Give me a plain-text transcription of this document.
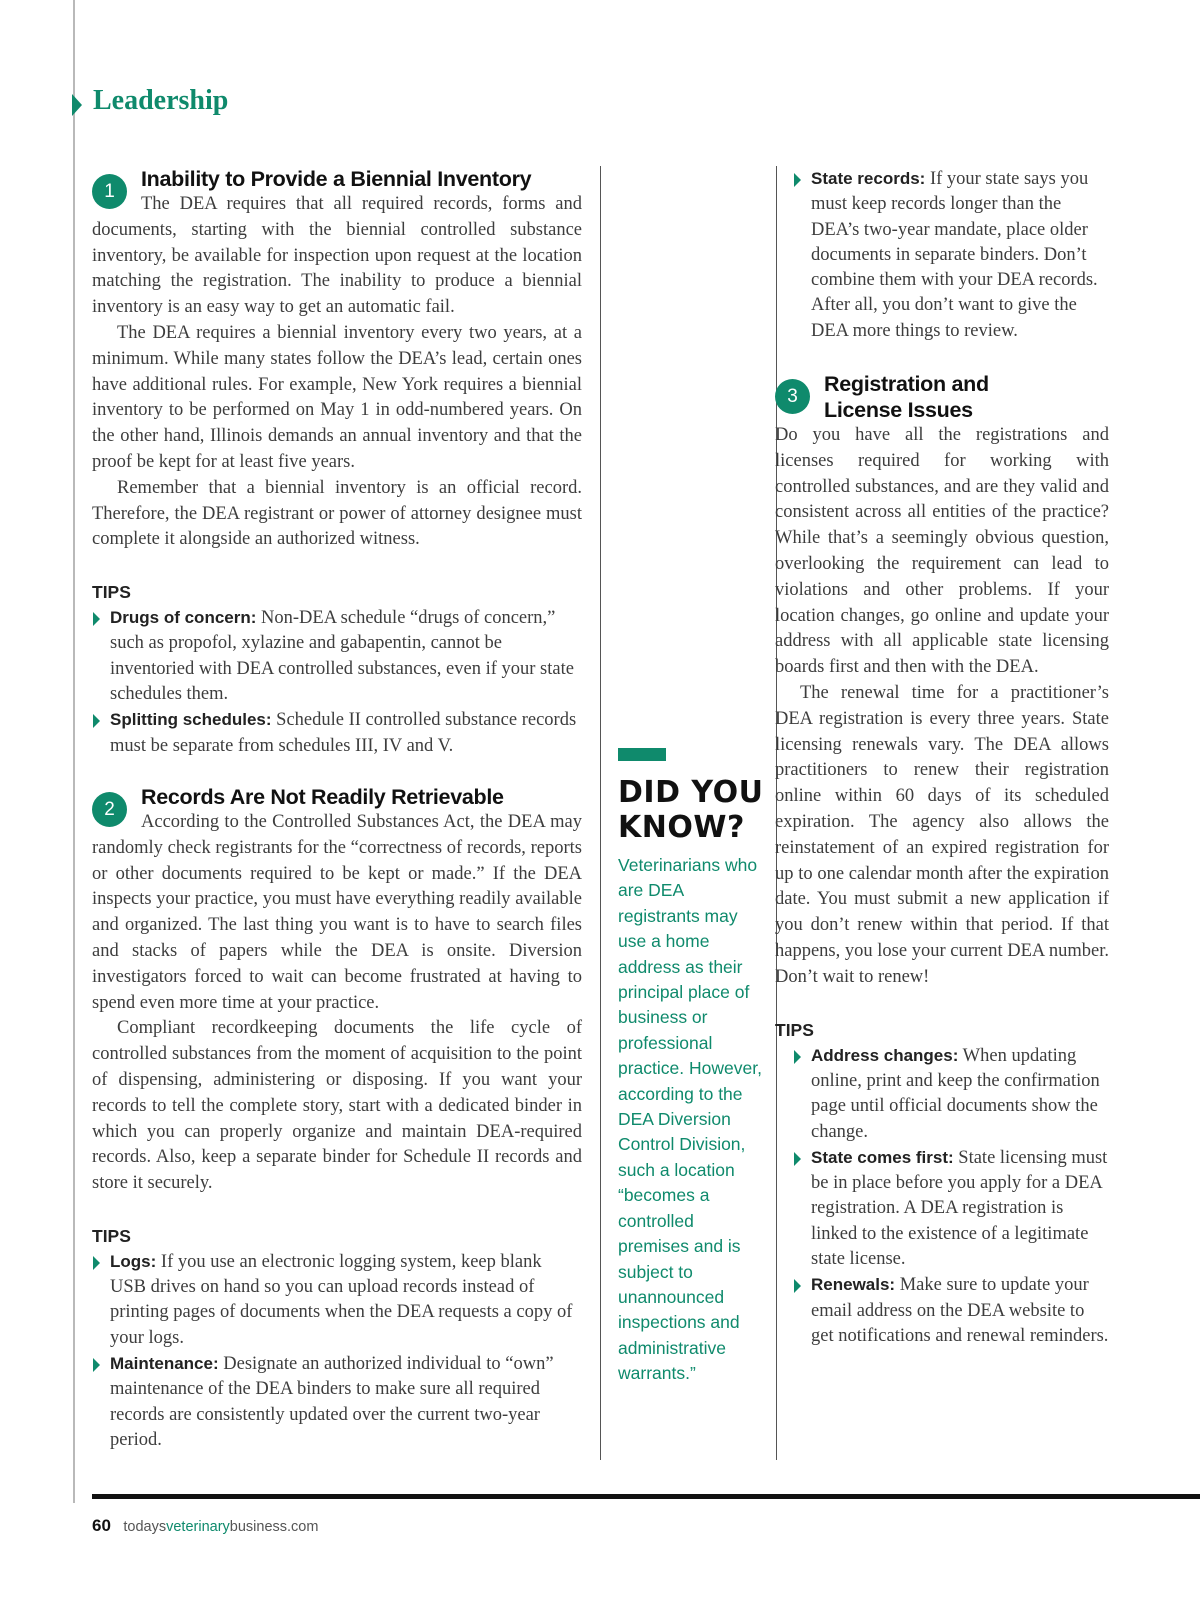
Leadership
1
Inability to Provide a Biennial Inventory

The DEA requires that all required records, forms and documents, starting with the biennial controlled substance inventory, be available for inspection upon request at the location matching the registration. The inability to produce a biennial inventory is an easy way to get an automatic fail.

The DEA requires a biennial inventory every two years, at a minimum. While many states follow the DEA’s lead, certain ones have additional rules. For example, New York requires a biennial inventory to be performed on May 1 in odd-numbered years. On the other hand, Illinois demands an annual inventory and that the proof be kept for at least five years.

Remember that a biennial inventory is an official record. Therefore, the DEA registrant or power of attorney designee must complete it alongside an authorized witness.

TIPS
Drugs of concern: Non-DEA schedule “drugs of concern,” such as propofol, xylazine and gabapentin, cannot be inventoried with DEA controlled substances, even if your state schedules them.
Splitting schedules: Schedule II controlled substance records must be separate from schedules III, IV and V.
2
Records Are Not Readily Retrievable

According to the Controlled Substances Act, the DEA may randomly check registrants for the “correctness of records, reports or other documents required to be kept or made.” If the DEA inspects your practice, you must have everything readily available and organized. The last thing you want is to have to search files and stacks of papers while the DEA is onsite. Diversion investigators forced to wait can become frustrated at having to spend even more time at your practice.

Compliant recordkeeping documents the life cycle of controlled substances from the moment of acquisition to the point of dispensing, administering or disposing. If you want your records to tell the complete story, start with a dedicated binder in which you can properly organize and maintain DEA-required records. Also, keep a separate binder for Schedule II records and store it securely.

TIPS
Logs: If you use an electronic logging system, keep blank USB drives on hand so you can upload records instead of printing pages of documents when the DEA requests a copy of your logs.
Maintenance: Designate an authorized individual to “own” maintenance of the DEA binders to make sure all required records are consistently updated over the current two-year period.
DID YOU KNOW?

Veterinarians who are DEA registrants may use a home address as their principal place of business or professional practice. However, according to the DEA Diversion Control Division, such a location “becomes a controlled premises and is subject to unannounced inspections and administrative warrants.”

State records: If your state says you must keep records longer than the DEA’s two-year mandate, place older documents in separate binders. Don’t combine them with your DEA records. After all, you don’t want to give the DEA more things to review.
3
Registration and
License Issues

Do you have all the registrations and licenses required for working with controlled substances, and are they valid and consistent across all entities of the practice? While that’s a seemingly obvious question, overlooking the requirement can lead to violations and other problems. If your location changes, go online and update your address with all applicable state licensing boards first and then with the DEA.

The renewal time for a practitioner’s DEA registration is every three years. State licensing renewals vary. The DEA allows practitioners to renew their registration online within 60 days of its scheduled expiration. The agency also allows the reinstatement of an expired registration for up to one calendar month after the expiration date. You must submit a new application if you don’t renew within that period. If that happens, you lose your current DEA number. Don’t wait to renew!

TIPS
Address changes: When updating online, print and keep the confirmation page until official documents show the change.
State comes first: State licensing must be in place before you apply for a DEA registration. A DEA registration is linked to the existence of a legitimate state license.
Renewals: Make sure to update your email address on the DEA website to get notifications and renewal reminders.
60 todaysveterinarybusiness.com
